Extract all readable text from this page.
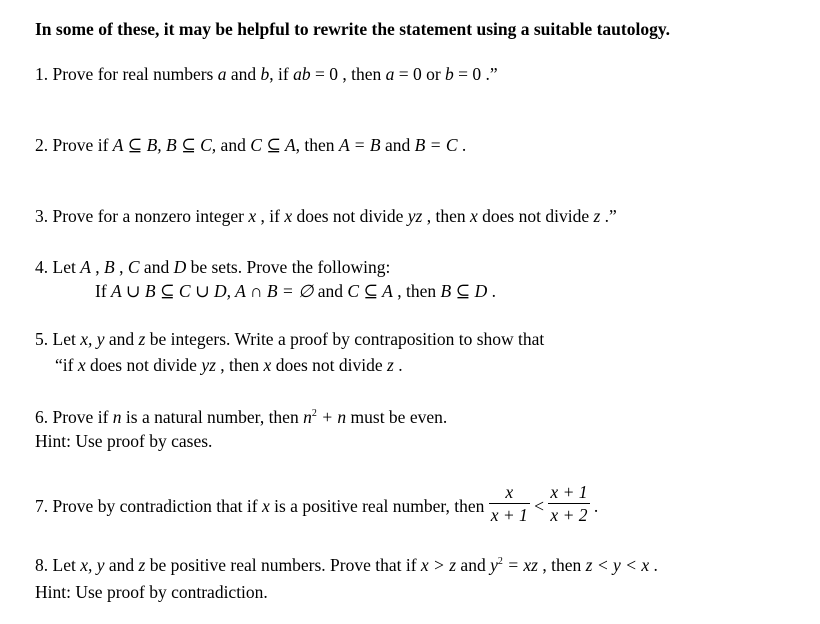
In some of these, it may be helpful to rewrite the statement using a suitable tautology.
1. Prove for real numbers a and b, if ab = 0 , then a = 0 or b = 0 .”
2. Prove if A ⊆ B, B ⊆ C, and C ⊆ A, then A = B and B = C .
3. Prove for a nonzero integer x , if x does not divide yz , then x does not divide z .”
4. Let A , B , C and D be sets. Prove the following:
If A ∪ B ⊆ C ∪ D, A ∩ B = ∅ and C ⊆ A , then B ⊆ D .
5. Let x, y and z be integers. Write a proof by contraposition to show that
“if x does not divide yz , then x does not divide z .
6. Prove if n is a natural number, then $n^2 + n$ must be even.
Hint: Use proof by cases.
7. Prove by contradiction that if x is a positive real number, then $\frac{x}{x + 1} < \frac{x + 1}{x + 2}$ .
8. Let x, y and z be positive real numbers. Prove that if x > z and $y^2$ = xz , then z < y < x .
Hint: Use proof by contradiction.
